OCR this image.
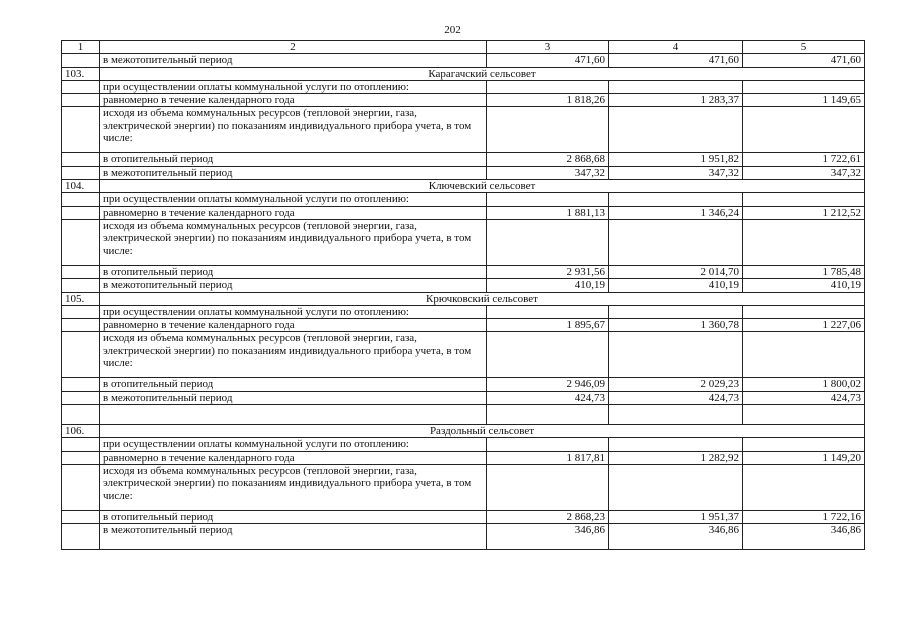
202
1	2	3	4	5
	в межотопительный период	471,60	471,60	471,60
103.	Карагачский сельсовет			
	при осуществлении оплаты коммунальной услуги по отоплению:			
	равномерно в течение календарного года	1 818,26	1 283,37	1 149,65
	исходя из объема коммунальных ресурсов (тепловой энергии, газа, электрической энергии) по показаниям индивидуального прибора учета, в том числе:			
	в отопительный период	2 868,68	1 951,82	1 722,61
	в межотопительный период	347,32	347,32	347,32
104.	Ключевский сельсовет			
	при осуществлении оплаты коммунальной услуги по отоплению:			
	равномерно в течение календарного года	1 881,13	1 346,24	1 212,52
	исходя из объема коммунальных ресурсов (тепловой энергии, газа, электрической энергии) по показаниям индивидуального прибора учета, в том числе:			
	в отопительный период	2 931,56	2 014,70	1 785,48
	в межотопительный период	410,19	410,19	410,19
105.	Крючковский сельсовет			
	при осуществлении оплаты коммунальной услуги по отоплению:			
	равномерно в течение календарного года	1 895,67	1 360,78	1 227,06
	исходя из объема коммунальных ресурсов (тепловой энергии, газа, электрической энергии) по показаниям индивидуального прибора учета, в том числе:			
	в отопительный период	2 946,09	2 029,23	1 800,02
	в межотопительный период	424,73	424,73	424,73

106.	Раздольный сельсовет			
	при осуществлении оплаты коммунальной услуги по отоплению:			
	равномерно в течение календарного года	1 817,81	1 282,92	1 149,20
	исходя из объема коммунальных ресурсов (тепловой энергии, газа, электрической энергии) по показаниям индивидуального прибора учета, в том числе:			
	в отопительный период	2 868,23	1 951,37	1 722,16
	в межотопительный период	346,86	346,86	346,86
